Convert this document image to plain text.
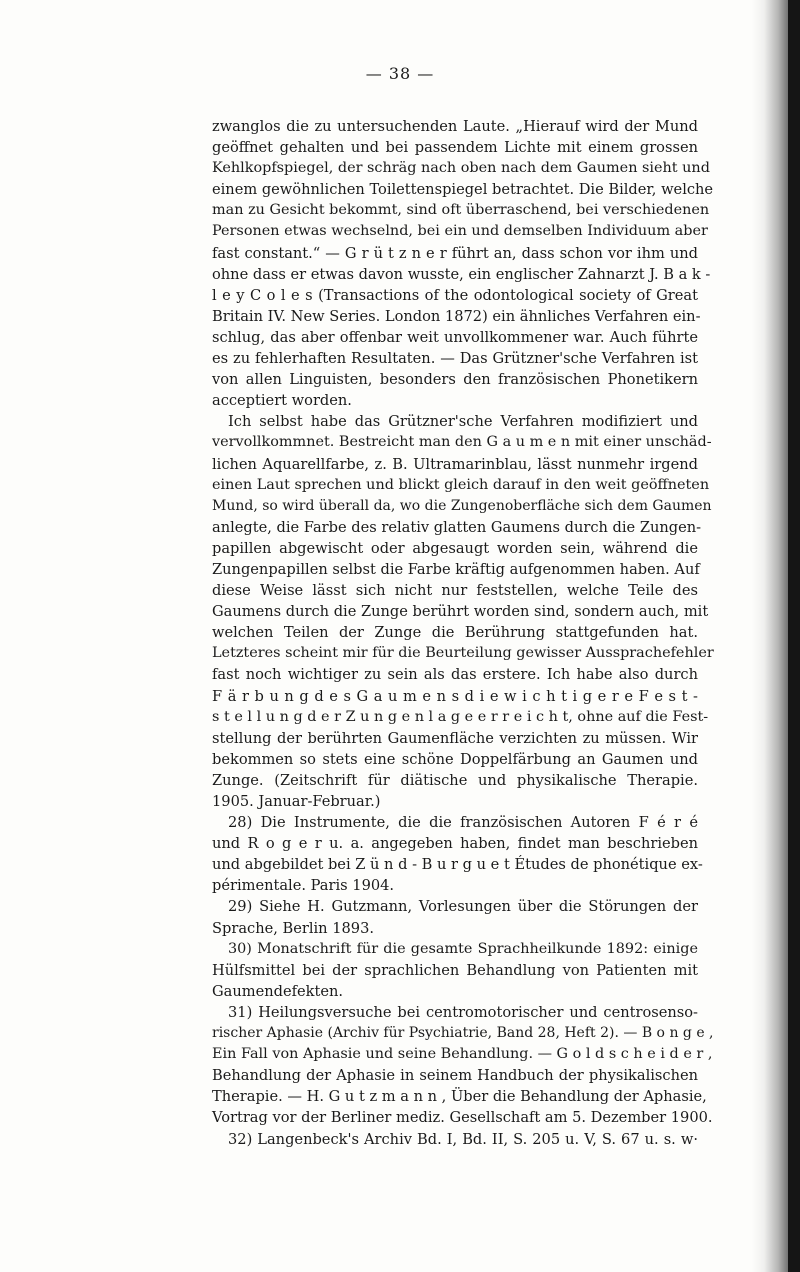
— 38 —
zwanglos die zu untersuchenden Laute. „Hierauf wird der Mund
geöffnet gehalten und bei passendem Lichte mit einem grossen
Kehlkopfspiegel, der schräg nach oben nach dem Gaumen sieht und
einem gewöhnlichen Toilettenspiegel betrachtet. Die Bilder, welche
man zu Gesicht bekommt, sind oft überraschend, bei verschiedenen
Personen etwas wechselnd, bei ein und demselben Individuum aber
fast constant.“ — G r ü t z n e r führt an, dass schon vor ihm und
ohne dass er etwas davon wusste, ein englischer Zahnarzt J. B a k -
l e y C o l e s (Transactions of the odontological society of Great
Britain IV. New Series. London 1872) ein ähnliches Verfahren ein-
schlug, das aber offenbar weit unvollkommener war. Auch führte
es zu fehlerhaften Resultaten. — Das Grützner'sche Verfahren ist
von allen Linguisten, besonders den französischen Phonetikern
acceptiert worden.
Ich selbst habe das Grützner'sche Verfahren modifiziert und
vervollkommnet. Bestreicht man den G a u m e n mit einer unschäd-
lichen Aquarellfarbe, z. B. Ultramarinblau, lässt nunmehr irgend
einen Laut sprechen und blickt gleich darauf in den weit geöffneten
Mund, so wird überall da, wo die Zungenoberfläche sich dem Gaumen
anlegte, die Farbe des relativ glatten Gaumens durch die Zungen-
papillen abgewischt oder abgesaugt worden sein, während die
Zungenpapillen selbst die Farbe kräftig aufgenommen haben. Auf
diese Weise lässt sich nicht nur feststellen, welche Teile des
Gaumens durch die Zunge berührt worden sind, sondern auch, mit
welchen Teilen der Zunge die Berührung stattgefunden hat.
Letzteres scheint mir für die Beurteilung gewisser Aussprachefehler
fast noch wichtiger zu sein als das erstere. Ich habe also durch
F ä r b u n g d e s G a u m e n s d i e w i c h t i g e r e F e s t -
s t e l l u n g d e r Z u n g e n l a g e e r r e i c h t, ohne auf die Fest-
stellung der berührten Gaumenfläche verzichten zu müssen. Wir
bekommen so stets eine schöne Doppelfärbung an Gaumen und
Zunge. (Zeitschrift für diätische und physikalische Therapie.
1905. Januar-Februar.)
28) Die Instrumente, die die französischen Autoren F é r é
und R o g e r u. a. angegeben haben, findet man beschrieben
und abgebildet bei Z ü n d - B u r g u e t Études de phonétique ex-
périmentale. Paris 1904.
29) Siehe H. Gutzmann, Vorlesungen über die Störungen der
Sprache, Berlin 1893.
30) Monatschrift für die gesamte Sprachheilkunde 1892: einige
Hülfsmittel bei der sprachlichen Behandlung von Patienten mit
Gaumendefekten.
31) Heilungsversuche bei centromotorischer und centrosenso-
rischer Aphasie (Archiv für Psychiatrie, Band 28, Heft 2). — B o n g e ,
Ein Fall von Aphasie und seine Behandlung. — G o l d s c h e i d e r ,
Behandlung der Aphasie in seinem Handbuch der physikalischen
Therapie. — H. G u t z m a n n , Über die Behandlung der Aphasie,
Vortrag vor der Berliner mediz. Gesellschaft am 5. Dezember 1900.
32) Langenbeck's Archiv Bd. I, Bd. II, S. 205 u. V, S. 67 u. s. w·
